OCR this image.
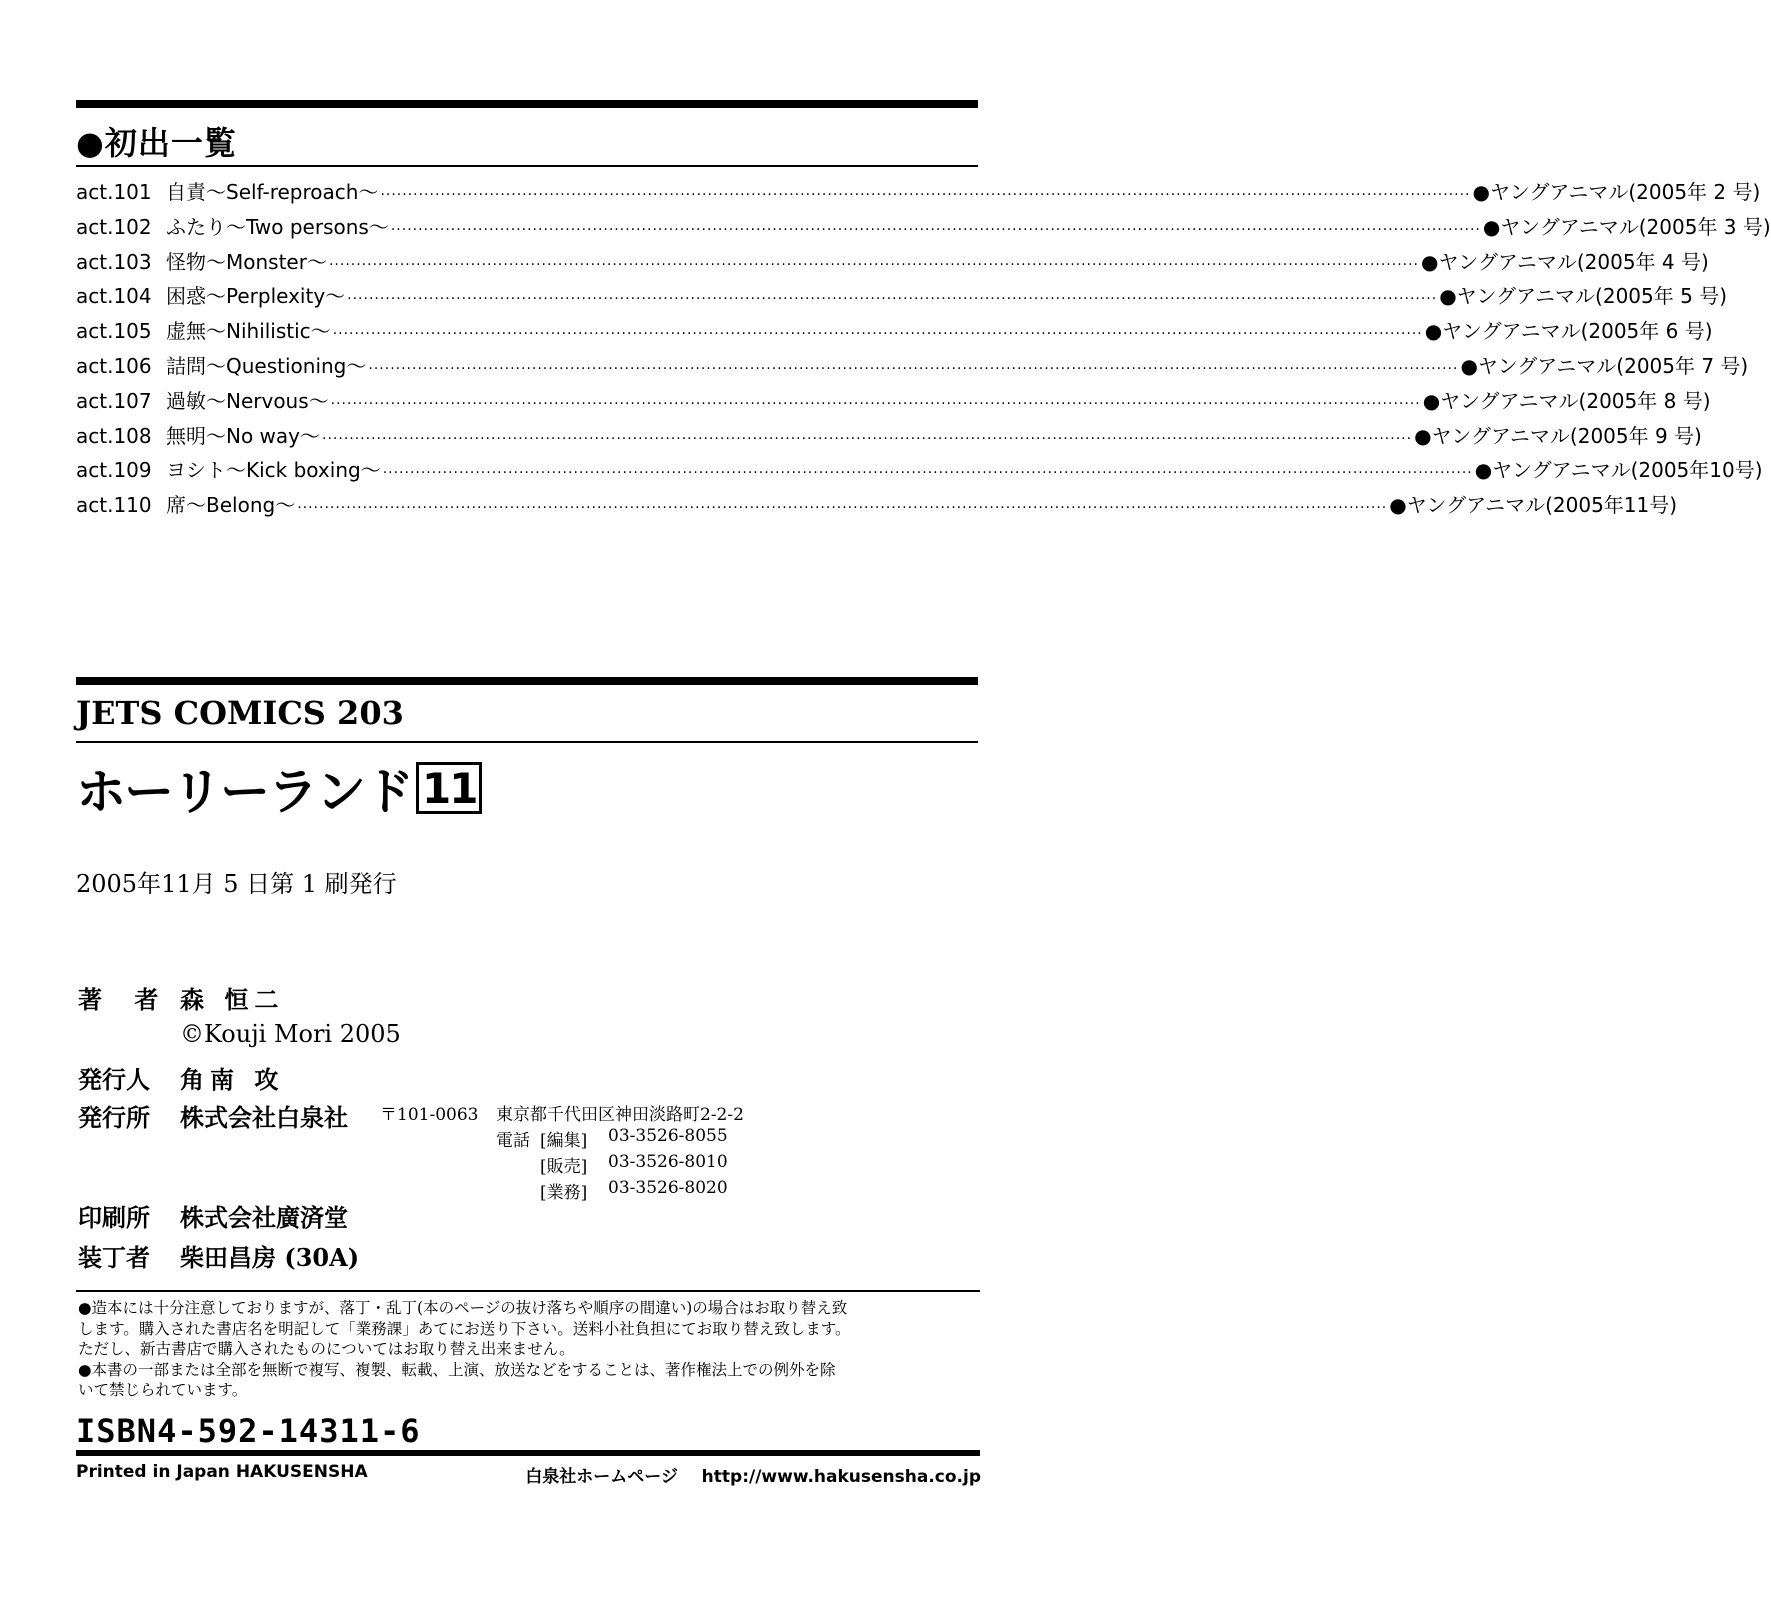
●初出一覧
act.101 自責〜Self-reproach〜 ········································································································································································································ ●ヤングアニマル(2005年 2 号)
act.102 ふたり〜Two persons〜 ········································································································································································································ ●ヤングアニマル(2005年 3 号)
act.103 怪物〜Monster〜 ········································································································································································································ ●ヤングアニマル(2005年 4 号)
act.104 困惑〜Perplexity〜 ········································································································································································································ ●ヤングアニマル(2005年 5 号)
act.105 虚無〜Nihilistic〜 ········································································································································································································ ●ヤングアニマル(2005年 6 号)
act.106 詰問〜Questioning〜 ········································································································································································································ ●ヤングアニマル(2005年 7 号)
act.107 過敏〜Nervous〜 ········································································································································································································ ●ヤングアニマル(2005年 8 号)
act.108 無明〜No way〜 ········································································································································································································ ●ヤングアニマル(2005年 9 号)
act.109 ヨシト〜Kick boxing〜 ········································································································································································································ ●ヤングアニマル(2005年10号)
act.110 席〜Belong〜 ········································································································································································································ ●ヤングアニマル(2005年11号)
JETS COMICS 203
ホーリーランド 11
2005年11月 5 日第 1 刷発行
著 者 森 恒二
©Kouji Mori 2005
発行人 角南 攻
発行所 株式会社白泉社 〒101-0063 東京都千代田区神田淡路町2-2-2
電話 [編集] 03-3526-8055
[販売] 03-3526-8010
[業務] 03-3526-8020
印刷所 株式会社廣済堂
装丁者 柴田昌房 (30A)
●造本には十分注意しておりますが、落丁・乱丁(本のページの抜け落ちや順序の間違い)の場合はお取り替え致
します。購入された書店名を明記して「業務課」あてにお送り下さい。送料小社負担にてお取り替え致します。
ただし、新古書店で購入されたものについてはお取り替え出来ません。
●本書の一部または全部を無断で複写、複製、転載、上演、放送などをすることは、著作権法上での例外を除
いて禁じられています。
ISBN4-592-14311-6
Printed in Japan HAKUSENSHA	白泉社ホームページ http://www.hakusensha.co.jp
